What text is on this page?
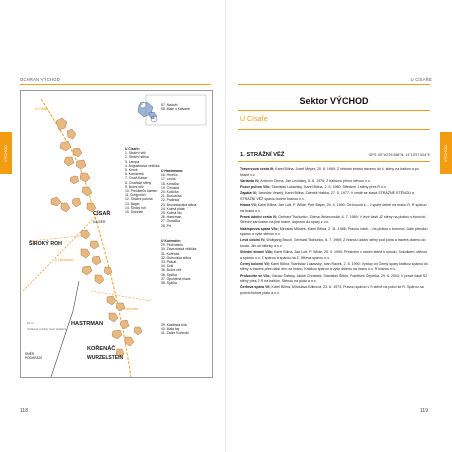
OCHRAN VÝCHOD
VÝCHOD
U Císaře
CÍSAŘ
KAISER
ŠIROKÝ ROH
U Hastrmana
HASTRMAN
KOŘENÁČ
WURZELSTEIN
U Kořenáče
SMĚR PODHRADÍ
10 m
Výškové rozdíly mezi skalami
57
58
57. Nádobí
58. Malé u Kalvarie
U Císaře:
1. Strážní věž
2. Strážní stěna
3. Lampa
4. Augustinova věžička
5. Kmotr
6. Kamzinek
7. Císař-Kaiser
8. Císařské stěny
9. Boční věž
10. Preukerův kámen
11. Dvojpoloh
12. Strážní poloha
13. Bagel
14. Široký roh
15. Dubinek
U Hastrmana:
16. Hrnéčo
17. Levok
18. Kmačka
19. Čihúska
20. Kočička
21. Borovička
22. Pralinka
23. Bronzstavská stěna
24. Kolmá plata
25. Kolmá lito
26. Hastrman
27. Osmička
28. Prt
U Kořenáče:
29. Pečiválečo
30. Zavezárská věžička
31. Kořenáč
32. Ostrovská stěna
33. Palcát
34. Sokl
35. Boční věž
36. Spička
37. Opuštěná hlava
38. Spička
39. Kastilská bílá
40. Malá kej
41. Zadní Kořenáč
118
U CÍSAŘE
VÝCHOD
119
Sektor VÝCHOD
U Císaře
1. STRÁŽNÍ VĚŽ	GPS: 50°40'29.988"N, 14°15'57.624"E

Traverzová cesta III; Karel Bílina, Josef Meyer, 20. 6. 1969; Z vědomí stranu travenu do č. stěny na balkón a po hraně v.v.

Varianta IV; Antonín Chrna, Jan Lecinský, 5. 8. 1979; Z balkónu přímo stěnou n.v.

Pozor pohon VIIc; Stanislav Lukavský, Karel Bílina, 2. 5. 1980; Středem J stěny přes R n.v.

Zapáta IX; Jaroslav Veselý, Karel Bílina, Zdeněk Habka, 27. 5. 1977; V cestě se stavá STRÁŽNÉ STĚNOU a STRÁŽNÍ VĚŽ spárou kolem hranou n.v.

Hrana VII; Karel Bílina, Jan Luft, P. Wilde, Petr Bayer, 29. 4. 1990; Od kouzla k... J spáře delně na hranu R, R spárou na hranu n.v.

Pravá údolní cesta IV; Gerhard Tschunko, Zdena Jirkanovská, 6. 7. 1969; V levé části JZ stěny na plotinu s borovicí. Střední zárhozem na jiné hrane, dopravu do spáry z.v.n.

Nakloprová spára VIIc; Miroslav Můstek, Karel Bílina, 2. 11. 1985; Pravou části ... na plotinu s borovicí. Dále přesilou spárou a výše stěnou n.v.

Levá údolní IV; Wolfgang Bruch, Gerhard Tschunko, 6. 7. 1969; Z hranou údolní stěny pod plota a travers dolenu do kouta. Jim do fábriky a n.v.

Střední stranč VIIb; Karel Bílina, Jan Luft, P. Wilde, 29. 4. 1990; Přesicem v údolní stěně k sokolu. Sokolkem, stěnou a spárou n.v. Z spárou a spárou na Z. Střeva spárou n.v.

Černý kolorní VII; Karel Bílina, Stanislav Lukavský, Ivan Racek, 2. 5. 1990; Výstup od Černý spáry krátkou spárou do stěny a travers přes další díru za hranu. Krátkou spárou a výše dolenu na hranu n.v. R hranou n.v.

Probouřte se VIIc; Václav Šafany, Jakub Chrastek, Stanislav Šítkin, František Čepelka, 29. 6. 2003; V pravé části SZ stěny přes 2 R na balkón. Stěnou na plotu a n.v.

Čertova spára VII; Karel Bílina, Miroslava Bílinová, 23. 6. 1973; Pravou spárou v S stěně na polici ke R. Spárou na podvrcholové plato a n.v.
